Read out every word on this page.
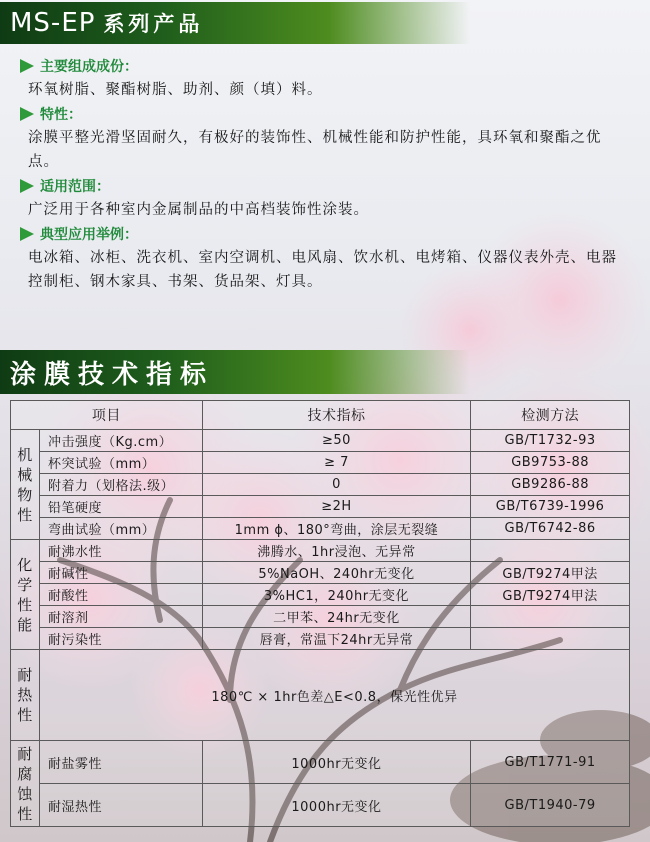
MS-EP 系列产品
主要组成成份：
环氧树脂、聚酯树脂、助剂、颜（填）料。
特性：
涂膜平整光滑坚固耐久，有极好的装饰性、机械性能和防护性能，具环氧和聚酯之优点。
适用范围：
广泛用于各种室内金属制品的中高档装饰性涂装。
典型应用举例：
电冰箱、冰柜、洗衣机、室内空调机、电风扇、饮水机、电烤箱、仪器仪表外壳、电器控制柜、钢木家具、书架、货品架、灯具。
涂膜技术指标
项目		技术指标	检测方法
机械物性	冲击强度（Kg.cm）	≥50	GB/T1732-93
	杯突试验（mm）	≥ 7	GB9753-88
	附着力（划格法.级）	0	GB9286-88
	铅笔硬度	≥2H	GB/T6739-1996
	弯曲试验（mm）	1mm ϕ、180°弯曲，涂层无裂缝	GB/T6742-86
化学性能	耐沸水性	沸腾水、1hr浸泡、无异常	
	耐碱性	5%NaOH、240hr无变化	GB/T9274甲法
	耐酸性	3%HC1，240hr无变化	GB/T9274甲法
	耐溶剂	二甲苯、24hr无变化	
	耐污染性	唇膏，常温下24hr无异常	
耐热性	180℃ × 1hr色差△E<0.8，保光性优异		
耐腐蚀性	耐盐雾性	1000hr无变化	GB/T1771-91
	耐湿热性	1000hr无变化	GB/T1940-79
